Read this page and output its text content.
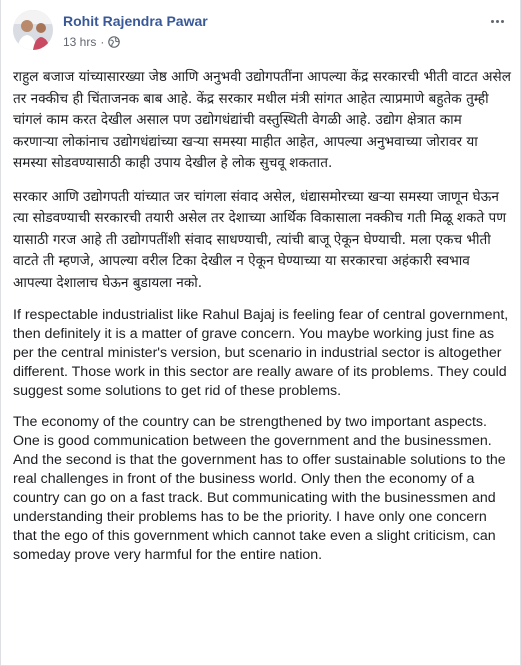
Rohit Rajendra Pawar
13 hrs ·

राहुल बजाज यांच्यासारख्या जेष्ठ आणि अनुभवी उद्योगपतींना आपल्या केंद्र सरकारची भीती वाटत असेल तर नक्कीच ही चिंताजनक बाब आहे. केंद्र सरकार मधील मंत्री सांगत आहेत त्याप्रमाणे बहुतेक तुम्ही चांगलं काम करत देखील असाल पण उद्योगधंद्यांची वस्तुस्थिती वेगळी आहे. उद्योग क्षेत्रात काम करणाऱ्या लोकांनाच उद्योगधंद्यांच्या खऱ्या समस्या माहीत आहेत, आपल्या अनुभवाच्या जोरावर या समस्या सोडवण्यासाठी काही उपाय देखील हे लोक सुचवू शकतात.

सरकार आणि उद्योगपती यांच्यात जर चांगला संवाद असेल, धंद्यासमोरच्या खऱ्या समस्या जाणून घेऊन त्या सोडवण्याची सरकारची तयारी असेल तर देशाच्या आर्थिक विकासाला नक्कीच गती मिळू शकते पण यासाठी गरज आहे ती उद्योगपतींशी संवाद साधण्याची, त्यांची बाजू ऐकून घेण्याची. मला एकच भीती वाटते ती म्हणजे, आपल्या वरील टिका देखील न ऐकून घेण्याच्या या सरकारचा अहंकारी स्वभाव आपल्या देशालाच घेऊन बुडायला नको.

If respectable industrialist like Rahul Bajaj is feeling fear of central government, then definitely it is a matter of grave concern. You maybe working just fine as per the central minister's version, but scenario in industrial sector is altogether different. Those work in this sector are really aware of its problems. They could suggest some solutions to get rid of these problems.

The economy of the country can be strengthened by two important aspects. One is good communication between the government and the businessmen. And the second is that the government has to offer sustainable solutions to the real challenges in front of the business world. Only then the economy of a country can go on a fast track. But communicating with the businessmen and understanding their problems has to be the priority. I have only one concern that the ego of this government which cannot take even a slight criticism, can someday prove very harmful for the entire nation.
